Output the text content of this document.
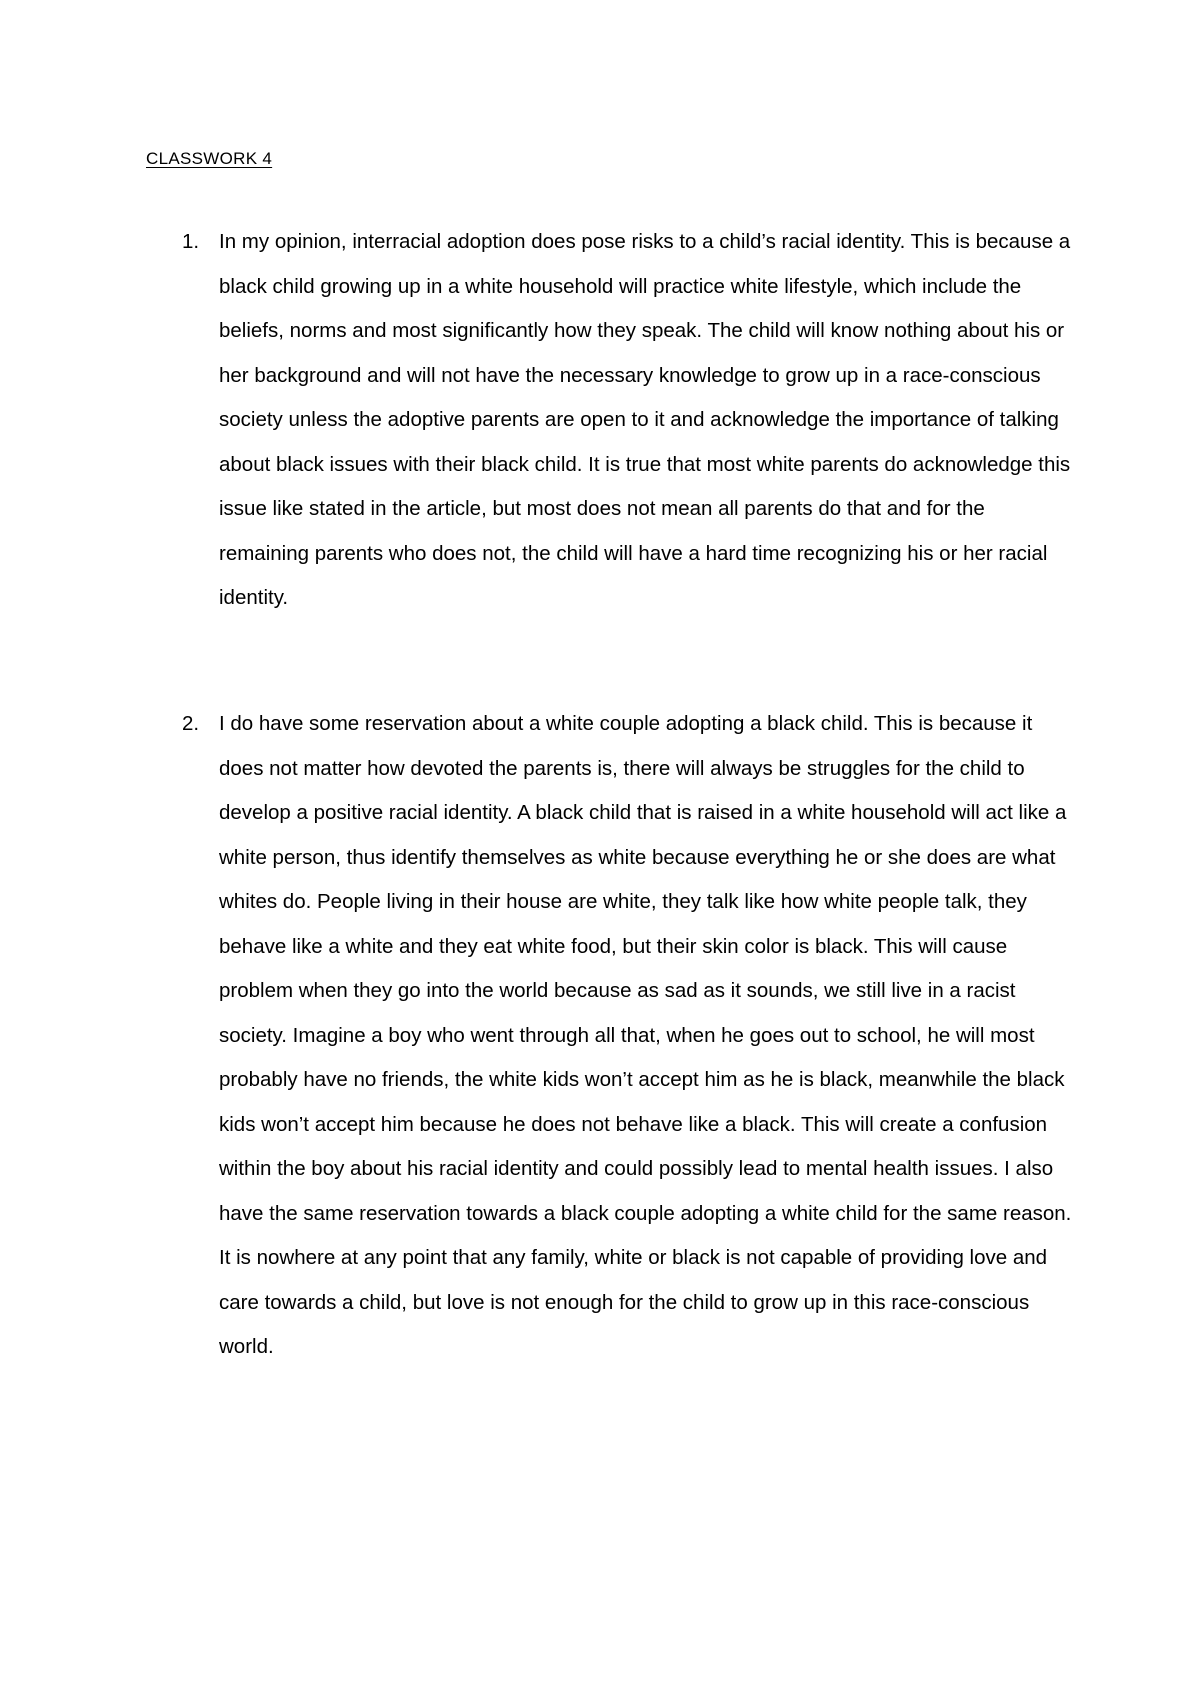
CLASSWORK 4
1. In my opinion, interracial adoption does pose risks to a child’s racial identity. This is because a black child growing up in a white household will practice white lifestyle, which include the beliefs, norms and most significantly how they speak. The child will know nothing about his or her background and will not have the necessary knowledge to grow up in a race-conscious society unless the adoptive parents are open to it and acknowledge the importance of talking about black issues with their black child. It is true that most white parents do acknowledge this issue like stated in the article, but most does not mean all parents do that and for the remaining parents who does not, the child will have a hard time recognizing his or her racial identity.

2. I do have some reservation about a white couple adopting a black child. This is because it does not matter how devoted the parents is, there will always be struggles for the child to develop a positive racial identity. A black child that is raised in a white household will act like a white person, thus identify themselves as white because everything he or she does are what whites do. People living in their house are white, they talk like how white people talk, they behave like a white and they eat white food, but their skin color is black. This will cause problem when they go into the world because as sad as it sounds, we still live in a racist society. Imagine a boy who went through all that, when he goes out to school, he will most probably have no friends, the white kids won’t accept him as he is black, meanwhile the black kids won’t accept him because he does not behave like a black. This will create a confusion within the boy about his racial identity and could possibly lead to mental health issues. I also have the same reservation towards a black couple adopting a white child for the same reason. It is nowhere at any point that any family, white or black is not capable of providing love and care towards a child, but love is not enough for the child to grow up in this race-conscious world.
